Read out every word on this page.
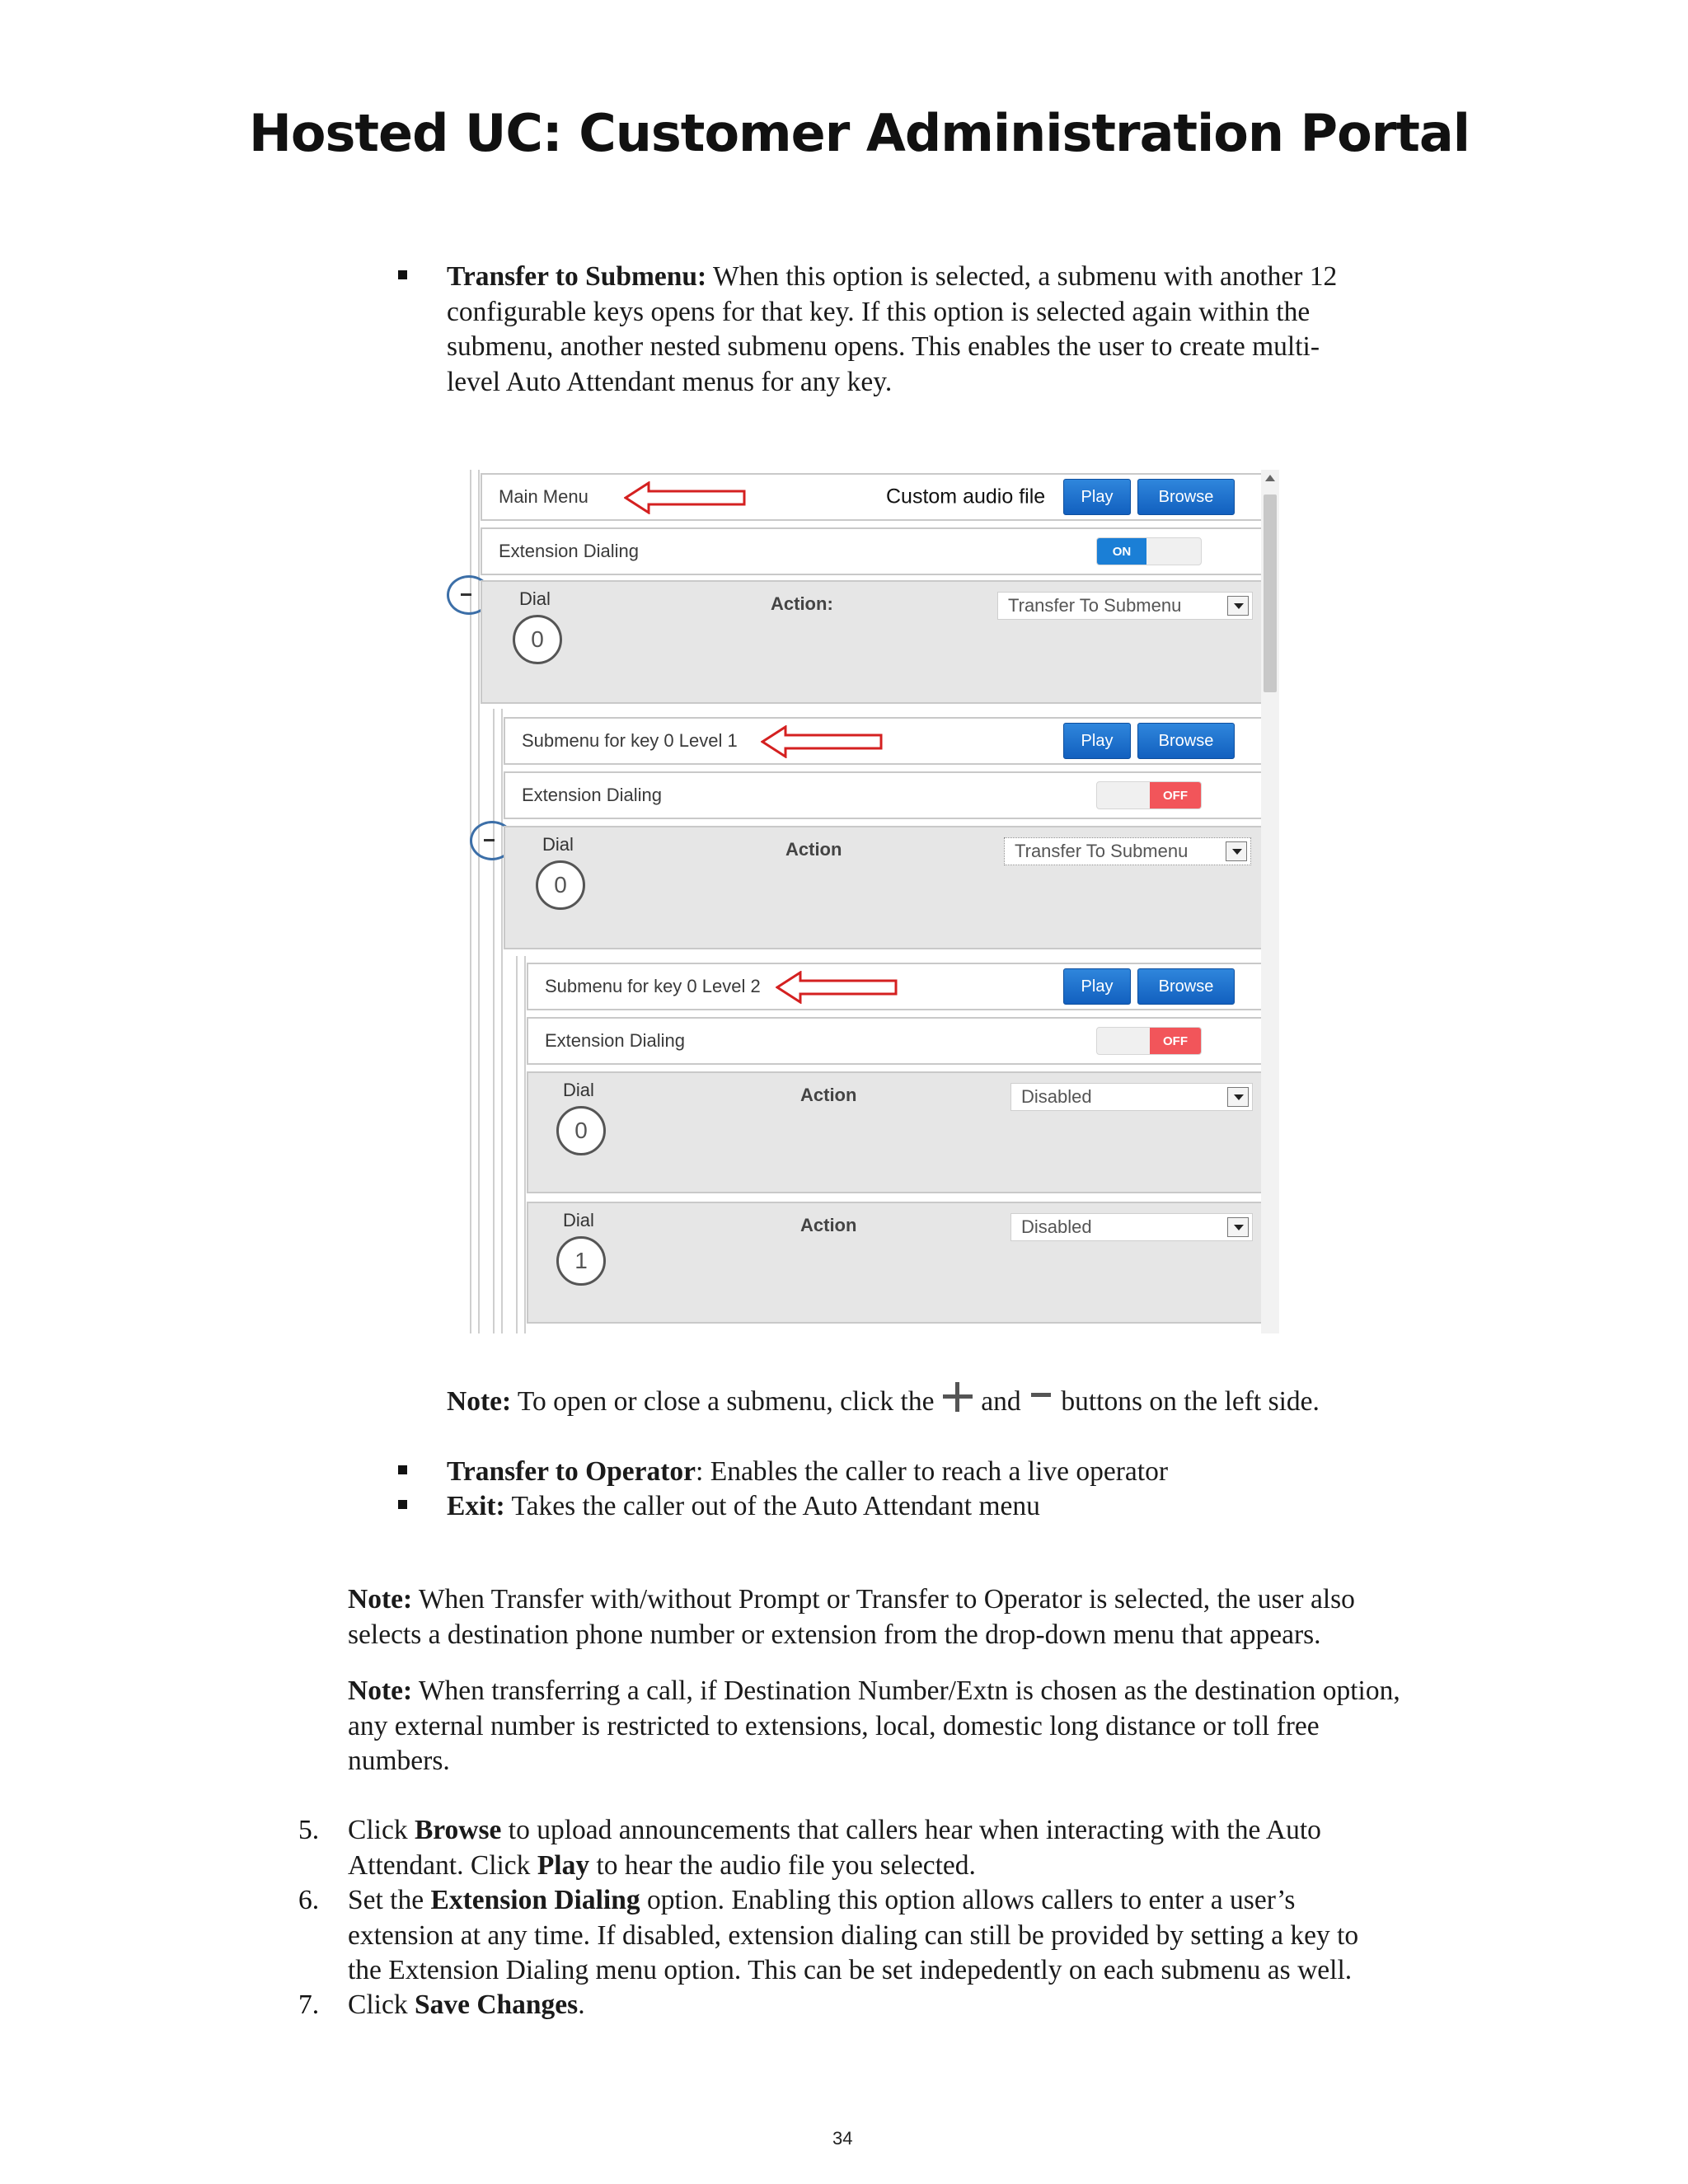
Hosted UC: Customer Administration Portal
Transfer to Submenu: When this option is selected, a submenu with another 12
configurable keys opens for that key. If this option is selected again within the
submenu, another nested submenu opens. This enables the user to create multi-
level Auto Attendant menus for any key.
Main Menu	Custom audio file	Play	Browse
Extension Dialing	ON
Dial
0
Action:	Transfer To Submenu
Submenu for key 0 Level 1	Play	Browse
Extension Dialing	OFF
Dial
0
Action	Transfer To Submenu
Submenu for key 0 Level 2	Play	Browse
Extension Dialing	OFF
Dial
0
Action	Disabled
Dial
1
Action	Disabled
Note: To open or close a submenu, click the  and  buttons on the left side.
Transfer to Operator: Enables the caller to reach a live operator
Exit: Takes the caller out of the Auto Attendant menu
Note: When Transfer with/without Prompt or Transfer to Operator is selected, the user also
selects a destination phone number or extension from the drop-down menu that appears.
Note: When transferring a call, if Destination Number/Extn is chosen as the destination option,
any external number is restricted to extensions, local, domestic long distance or toll free
numbers.
5. Click Browse to upload announcements that callers hear when interacting with the Auto
Attendant. Click Play to hear the audio file you selected.
6. Set the Extension Dialing option. Enabling this option allows callers to enter a user’s
extension at any time. If disabled, extension dialing can still be provided by setting a key to
the Extension Dialing menu option. This can be set indepedently on each submenu as well.
7. Click Save Changes.
34
